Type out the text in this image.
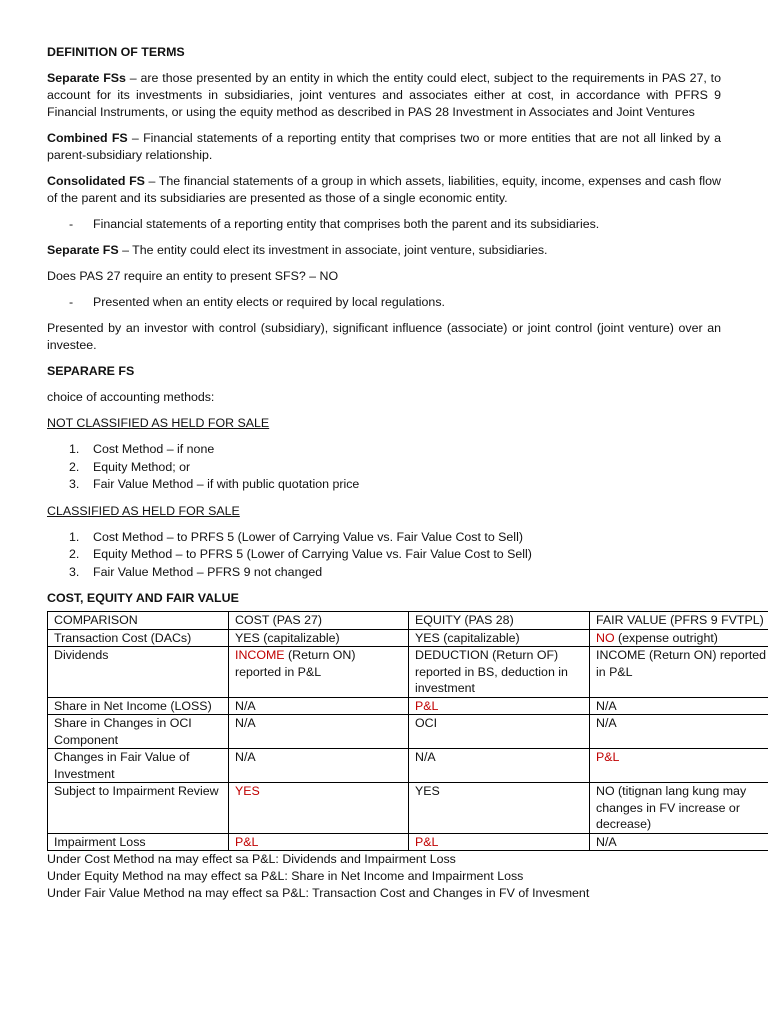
DEFINITION OF TERMS

Separate FSs – are those presented by an entity in which the entity could elect, subject to the requirements in PAS 27, to account for its investments in subsidiaries, joint ventures and associates either at cost, in accordance with PFRS 9 Financial Instruments, or using the equity method as described in PAS 28 Investment in Associates and Joint Ventures

Combined FS – Financial statements of a reporting entity that comprises two or more entities that are not all linked by a parent-subsidiary relationship.

Consolidated FS – The financial statements of a group in which assets, liabilities, equity, income, expenses and cash flow of the parent and its subsidiaries are presented as those of a single economic entity.

- Financial statements of a reporting entity that comprises both the parent and its subsidiaries.

Separate FS – The entity could elect its investment in associate, joint venture, subsidiaries.

Does PAS 27 require an entity to present SFS? – NO

- Presented when an entity elects or required by local regulations.

Presented by an investor with control (subsidiary), significant influence (associate) or joint control (joint venture) over an investee.

SEPARARE FS

choice of accounting methods:

NOT CLASSIFIED AS HELD FOR SALE

1. Cost Method – if none
2. Equity Method; or
3. Fair Value Method – if with public quotation price

CLASSIFIED AS HELD FOR SALE

1. Cost Method – to PRFS 5 (Lower of Carrying Value vs. Fair Value Cost to Sell)
2. Equity Method – to PFRS 5 (Lower of Carrying Value vs. Fair Value Cost to Sell)
3. Fair Value Method – PFRS 9 not changed

COST, EQUITY AND FAIR VALUE

COMPARISON	COST (PAS 27)	EQUITY (PAS 28)	FAIR VALUE (PFRS 9 FVTPL)
Transaction Cost (DACs)	YES (capitalizable)	YES (capitalizable)	NO (expense outright)
Dividends	INCOME (Return ON) reported in P&L	DEDUCTION (Return OF) reported in BS, deduction in investment	INCOME (Return ON) reported in P&L
Share in Net Income (LOSS)	N/A	P&L	N/A
Share in Changes in OCI Component	N/A	OCI	N/A
Changes in Fair Value of Investment	N/A	N/A	P&L
Subject to Impairment Review	YES	YES	NO (titignan lang kung may changes in FV increase or decrease)
Impairment Loss	P&L	P&L	N/A

Under Cost Method na may effect sa P&L: Dividends and Impairment Loss

Under Equity Method na may effect sa P&L: Share in Net Income and Impairment Loss

Under Fair Value Method na may effect sa P&L: Transaction Cost and Changes in FV of Invesment
